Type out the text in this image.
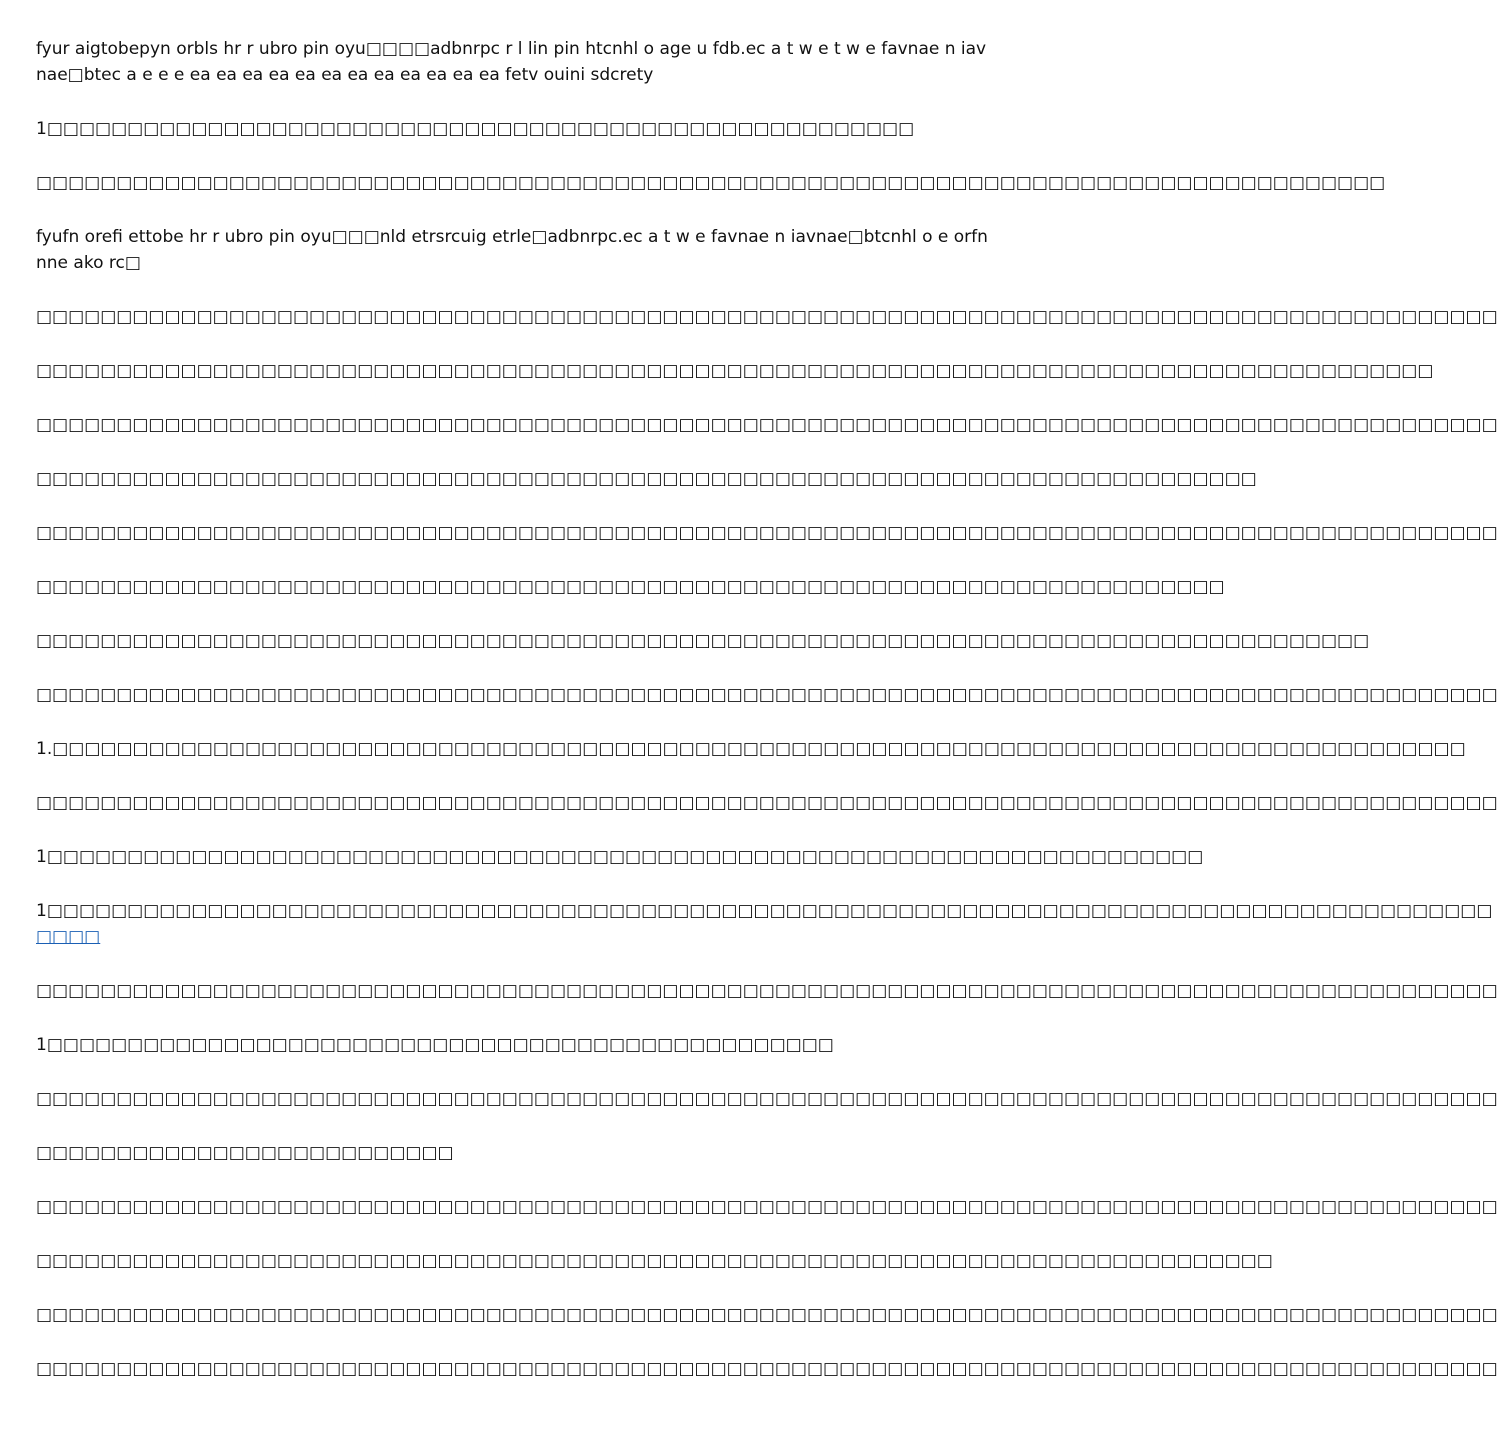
fyur aigtobepyn orbls hr r ubro pin oyu□□□□adbnrpc r l lin pin htcnhl o age u fdb.ec a t w e t w e favnae n iavnae□btec a e e e ea ea ea ea ea ea ea ea ea ea ea ea fetv ouini sdcrety

1□□□□□□□□□□□□□□□□□□□□□□□□□□□□□□□□□□□□□□□□□□□□□□□□□□□□□□

□□□□□□□□□□□□□□□□□□□□□□□□□□□□□□□□□□□□□□□□□□□□□□□□□□□□□□□□□□□□□□□□□□□□□□□□□□□□□□□□□□□□

fyufn orefi ettobe hr r ubro pin oyu□□□nld etrsrcuig etrle□adbnrpc.ec a t w e favnae n iavnae□btcnhl o e orfnnne ako rc□

□□□□□□□□□□□□□□□□□□□□□□□□□□□□□□□□□□□□□□□□□□□□□□□□□□□□□□□□□□□□□□□□□□□□□□□□□□□□□□□□□□□□□□□□□□□

□□□□□□□□□□□□□□□□□□□□□□□□□□□□□□□□□□□□□□□□□□□□□□□□□□□□□□□□□□□□□□□□□□□□□□□□□□□□□□□□□□□□□□□

□□□□□□□□□□□□□□□□□□□□□□□□□□□□□□□□□□□□□□□□□□□□□□□□□□□□□□□□□□□□□□□□□□□□□□□□□□□□□□□□□□□□□□□□□□□

□□□□□□□□□□□□□□□□□□□□□□□□□□□□□□□□□□□□□□□□□□□□□□□□□□□□□□□□□□□□□□□□□□□□□□□□□□□□

□□□□□□□□□□□□□□□□□□□□□□□□□□□□□□□□□□□□□□□□□□□□□□□□□□□□□□□□□□□□□□□□□□□□□□□□□□□□□□□□□□□□□□□□□□□

□□□□□□□□□□□□□□□□□□□□□□□□□□□□□□□□□□□□□□□□□□□□□□□□□□□□□□□□□□□□□□□□□□□□□□□□□□

□□□□□□□□□□□□□□□□□□□□□□□□□□□□□□□□□□□□□□□□□□□□□□□□□□□□□□□□□□□□□□□□□□□□□□□□□□□□□□□□□□□

□□□□□□□□□□□□□□□□□□□□□□□□□□□□□□□□□□□□□□□□□□□□□□□□□□□□□□□□□□□□□□□□□□□□□□□□□□□□□□□□□□□□□□□□□□□

1.□□□□□□□□□□□□□□□□□□□□□□□□□□□□□□□□□□□□□□□□□□□□□□□□□□□□□□□□□□□□□□□□□□□□□□□□□□□□□□□□□□□□□□□□

□□□□□□□□□□□□□□□□□□□□□□□□□□□□□□□□□□□□□□□□□□□□□□□□□□□□□□□□□□□□□□□□□□□□□□□□□□□□□□□□□□□□□□□□□□□

1□□□□□□□□□□□□□□□□□□□□□□□□□□□□□□□□□□□□□□□□□□□□□□□□□□□□□□□□□□□□□□□□□□□□□□□□

1□□□□□□□□□□□□□□□□□□□□□□□□□□□□□□□□□□□□□□□□□□□□□□□□□□□□□□□□□□□□□□□□□□□□□□□□□□□□□□□□□□□□□□□□□□
□□□□

□□□□□□□□□□□□□□□□□□□□□□□□□□□□□□□□□□□□□□□□□□□□□□□□□□□□□□□□□□□□□□□□□□□□□□□□□□□□□□□□□□□□□□□□□□□

1□□□□□□□□□□□□□□□□□□□□□□□□□□□□□□□□□□□□□□□□□□□□□□□□□

□□□□□□□□□□□□□□□□□□□□□□□□□□□□□□□□□□□□□□□□□□□□□□□□□□□□□□□□□□□□□□□□□□□□□□□□□□□□□□□□□□□□□□□□□□□

□□□□□□□□□□□□□□□□□□□□□□□□□□

□□□□□□□□□□□□□□□□□□□□□□□□□□□□□□□□□□□□□□□□□□□□□□□□□□□□□□□□□□□□□□□□□□□□□□□□□□□□□□□□□□□□□□□□□□□

□□□□□□□□□□□□□□□□□□□□□□□□□□□□□□□□□□□□□□□□□□□□□□□□□□□□□□□□□□□□□□□□□□□□□□□□□□□□□

□□□□□□□□□□□□□□□□□□□□□□□□□□□□□□□□□□□□□□□□□□□□□□□□□□□□□□□□□□□□□□□□□□□□□□□□□□□□□□□□□□□□□□□□□□□

□□□□□□□□□□□□□□□□□□□□□□□□□□□□□□□□□□□□□□□□□□□□□□□□□□□□□□□□□□□□□□□□□□□□□□□□□□□□□□□□□□□□□□□□□□□
